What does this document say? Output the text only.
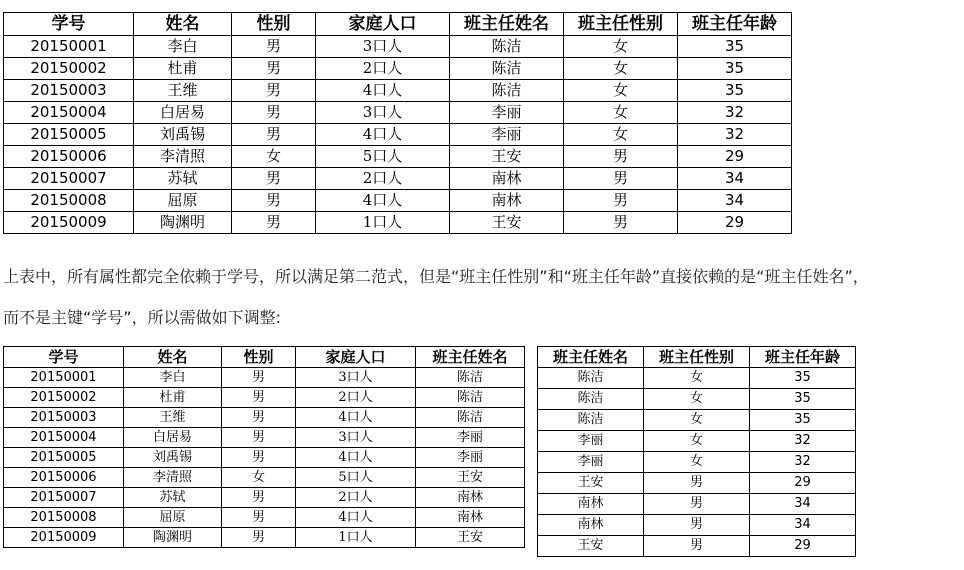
学号	姓名	性别	家庭人口	班主任姓名	班主任性别	班主任年龄
20150001	李白	男	3口人	陈洁	女	35
20150002	杜甫	男	2口人	陈洁	女	35
20150003	王维	男	4口人	陈洁	女	35
20150004	白居易	男	3口人	李丽	女	32
20150005	刘禹锡	男	4口人	李丽	女	32
20150006	李清照	女	5口人	王安	男	29
20150007	苏轼	男	2口人	南林	男	34
20150008	屈原	男	4口人	南林	男	34
20150009	陶渊明	男	1口人	王安	男	29
上表中，所有属性都完全依赖于学号，所以满足第二范式，但是“班主任性别”和“班主任年龄”直接依赖的是“班主任姓名”，
而不是主键“学号”，所以需做如下调整:
学号	姓名	性别	家庭人口	班主任姓名
20150001	李白	男	3口人	陈洁
20150002	杜甫	男	2口人	陈洁
20150003	王维	男	4口人	陈洁
20150004	白居易	男	3口人	李丽
20150005	刘禹锡	男	4口人	李丽
20150006	李清照	女	5口人	王安
20150007	苏轼	男	2口人	南林
20150008	屈原	男	4口人	南林
20150009	陶渊明	男	1口人	王安
班主任姓名	班主任性别	班主任年龄
陈洁	女	35
陈洁	女	35
陈洁	女	35
李丽	女	32
李丽	女	32
王安	男	29
南林	男	34
南林	男	34
王安	男	29
